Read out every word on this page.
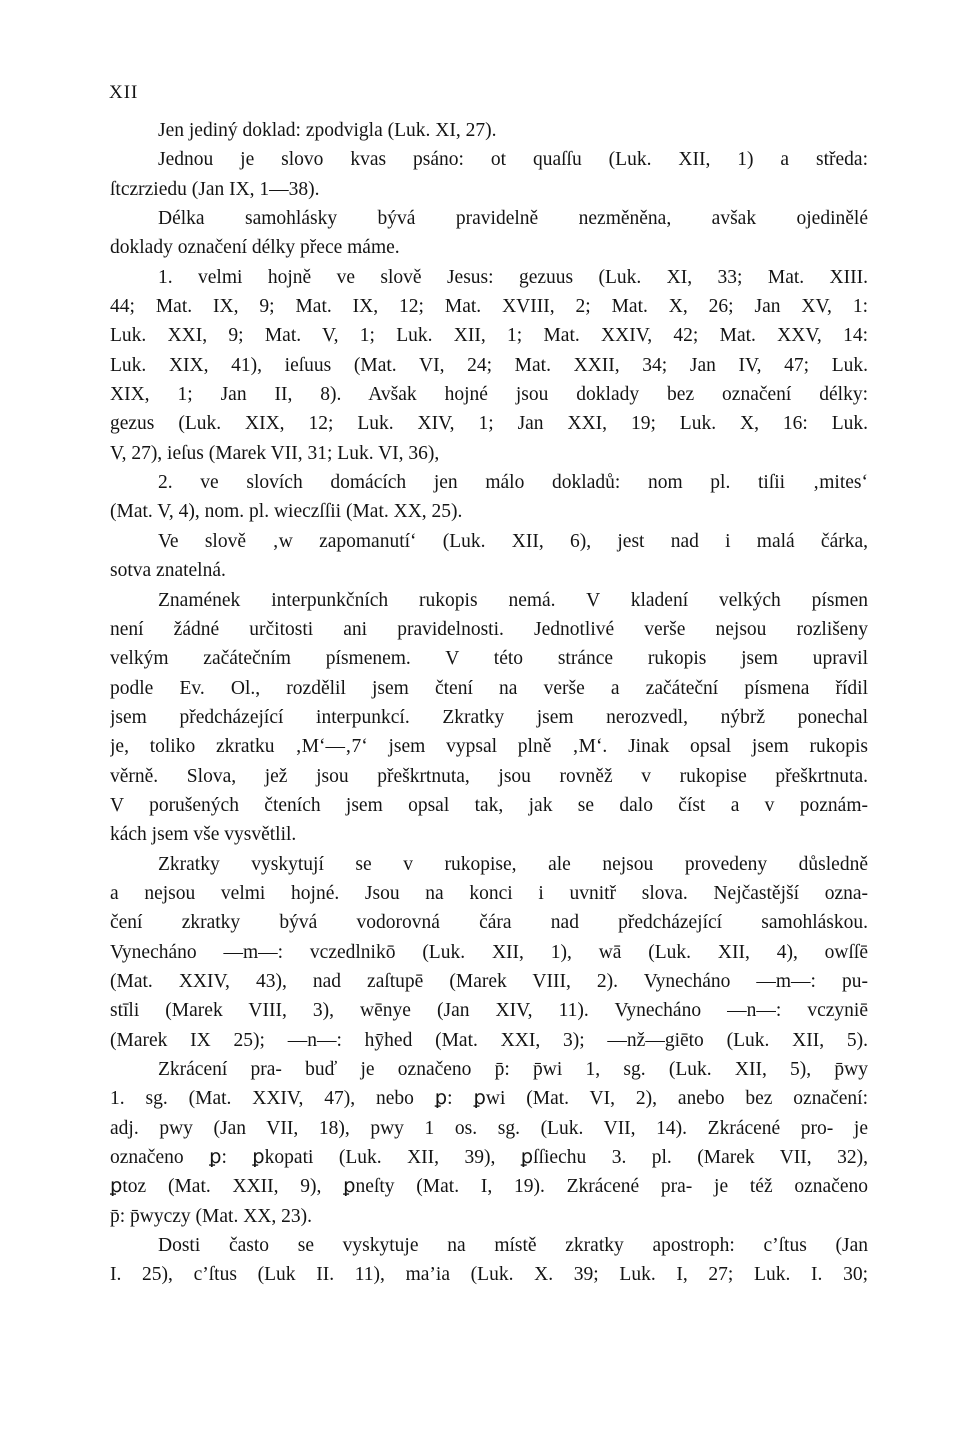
XII
Jen jediný doklad: zpodvigla (Luk. XI, 27).
Jednou je slovo kvas psáno: ot quaſſu (Luk. XII, 1) a středa:
ſtczrziedu (Jan IX, 1—38).
Délka samohlásky bývá pravidelně nezměněna, avšak ojedinělé
doklady označení délky přece máme.
1. velmi hojně ve slově Jesus: gezuus (Luk. XI, 33; Mat. XIII.
44; Mat. IX, 9; Mat. IX, 12; Mat. XVIII, 2; Mat. X, 26; Jan XV, 1:
Luk. XXI, 9; Mat. V, 1; Luk. XII, 1; Mat. XXIV, 42; Mat. XXV, 14:
Luk. XIX, 41), ieſuus (Mat. VI, 24; Mat. XXII, 34; Jan IV, 47; Luk.
XIX, 1; Jan II, 8). Avšak hojné jsou doklady bez označení délky:
gezus (Luk. XIX, 12; Luk. XIV, 1; Jan XXI, 19; Luk. X, 16: Luk.
V, 27), ieſus (Marek VII, 31; Luk. VI, 36),
2. ve slovích domácích jen málo dokladů: nom pl. tiſii ‚mites‘
(Mat. V, 4), nom. pl. wieczſſii (Mat. XX, 25).
Ve slově ‚w zapomanutí‘ (Luk. XII, 6), jest nad i malá čárka,
sotva znatelná.
Znamének interpunkčních rukopis nemá. V kladení velkých písmen
není žádné určitosti ani pravidelnosti. Jednotlivé verše nejsou rozlišeny
velkým začátečním písmenem. V této stránce rukopis jsem upravil
podle Ev. Ol., rozdělil jsem čtení na verše a začáteční písmena řídil
jsem předcházející interpunkcí. Zkratky jsem nerozvedl, nýbrž ponechal
je, toliko zkratku ‚M‘—‚7‘ jsem vypsal plně ‚M‘. Jinak opsal jsem rukopis
věrně. Slova, jež jsou přeškrtnuta, jsou rovněž v rukopise přeškrtnuta.
V porušených čteních jsem opsal tak, jak se dalo číst a v poznám-
kách jsem vše vysvětlil.
Zkratky vyskytují se v rukopise, ale nejsou provedeny důsledně
a nejsou velmi hojné. Jsou na konci i uvnitř slova. Nejčastější ozna-
čení zkratky bývá vodorovná čára nad předcházející samohláskou.
Vynecháno —m—: vczedlnikō (Luk. XII, 1), wā (Luk. XII, 4), owſſē
(Mat. XXIV, 43), nad zaſtupē (Marek VIII, 2). Vynecháno —m—: pu-
stīli (Marek VIII, 3), wēnye (Jan XIV, 11). Vynecháno —n—: vczyniē
(Marek IX 25); —n—: hȳhed (Mat. XXI, 3); —nž—giēto (Luk. XII, 5).
Zkrácení pra- buď je označeno p̄: p̄wi 1, sg. (Luk. XII, 5), p̄wy
1. sg. (Mat. XXIV, 47), nebo ꝑ: ꝑwi (Mat. VI, 2), anebo bez označení:
adj. pwy (Jan VII, 18), pwy 1 os. sg. (Luk. VII, 14). Zkrácené pro- je
označeno ꝑ: ꝑkopati (Luk. XII, 39), ꝑſſiechu 3. pl. (Marek VII, 32),
ꝑtoz (Mat. XXII, 9), ꝑneſty (Mat. I, 19). Zkrácené pra- je též označeno
p̄: p̄wyczy (Mat. XX, 23).
Dosti často se vyskytuje na místě zkratky apostroph: c’ſtus (Jan
I. 25), c’ſtus (Luk II. 11), ma’ia (Luk. X. 39; Luk. I, 27; Luk. I. 30;
